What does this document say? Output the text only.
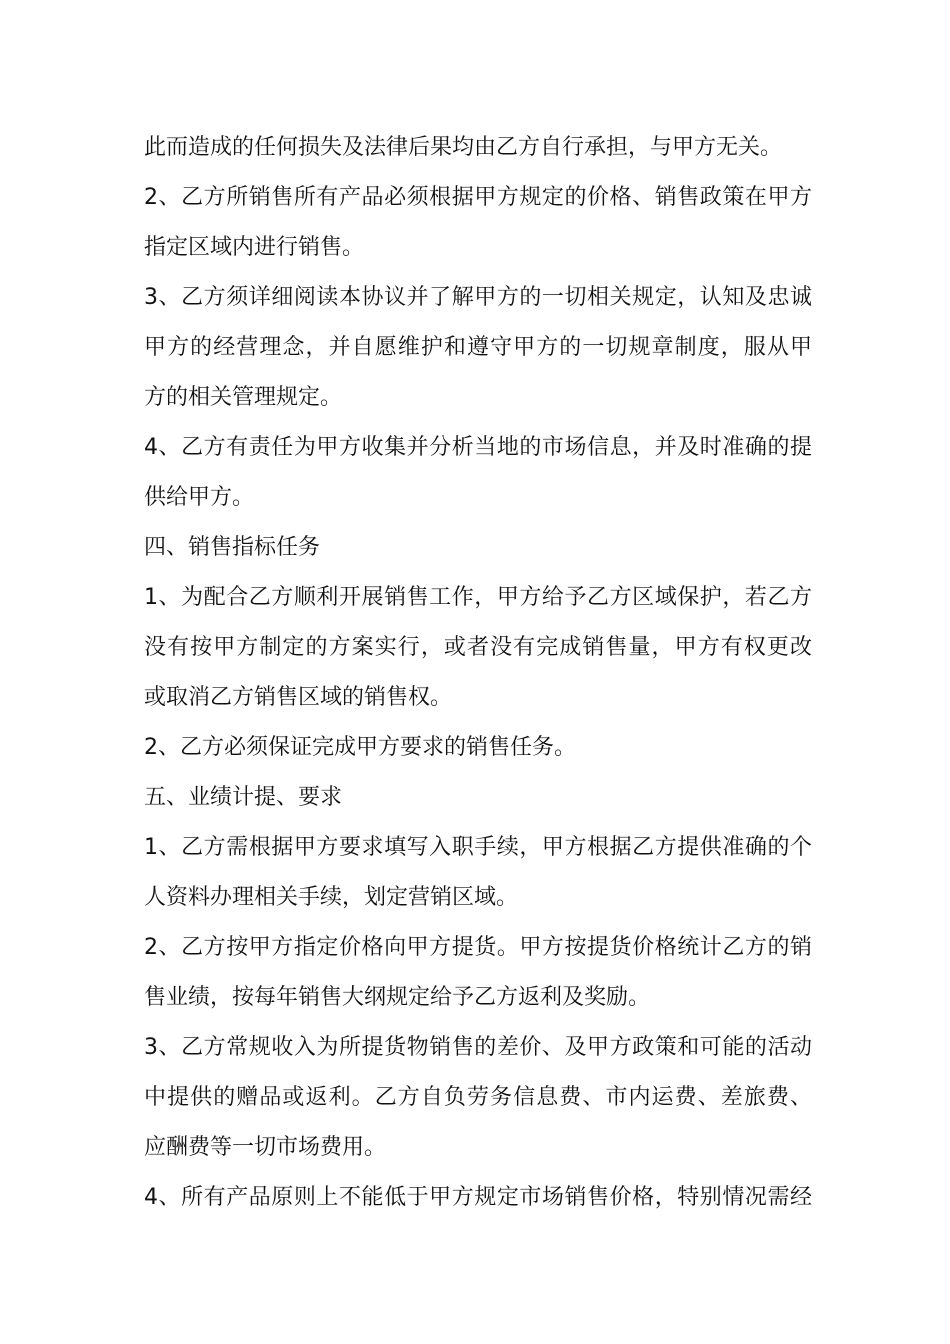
此而造成的任何损失及法律后果均由乙方自行承担，与甲方无关。
2、乙方所销售所有产品必须根据甲方规定的价格、销售政策在甲方
指定区域内进行销售。
3、乙方须详细阅读本协议并了解甲方的一切相关规定，认知及忠诚
甲方的经营理念，并自愿维护和遵守甲方的一切规章制度，服从甲
方的相关管理规定。
4、乙方有责任为甲方收集并分析当地的市场信息，并及时准确的提
供给甲方。
四、销售指标任务
1、为配合乙方顺利开展销售工作，甲方给予乙方区域保护，若乙方
没有按甲方制定的方案实行，或者没有完成销售量，甲方有权更改
或取消乙方销售区域的销售权。
2、乙方必须保证完成甲方要求的销售任务。
五、业绩计提、要求
1、乙方需根据甲方要求填写入职手续，甲方根据乙方提供准确的个
人资料办理相关手续，划定营销区域。
2、乙方按甲方指定价格向甲方提货。甲方按提货价格统计乙方的销
售业绩，按每年销售大纲规定给予乙方返利及奖励。
3、乙方常规收入为所提货物销售的差价、及甲方政策和可能的活动
中提供的赠品或返利。乙方自负劳务信息费、市内运费、差旅费、
应酬费等一切市场费用。
4、所有产品原则上不能低于甲方规定市场销售价格，特别情况需经
